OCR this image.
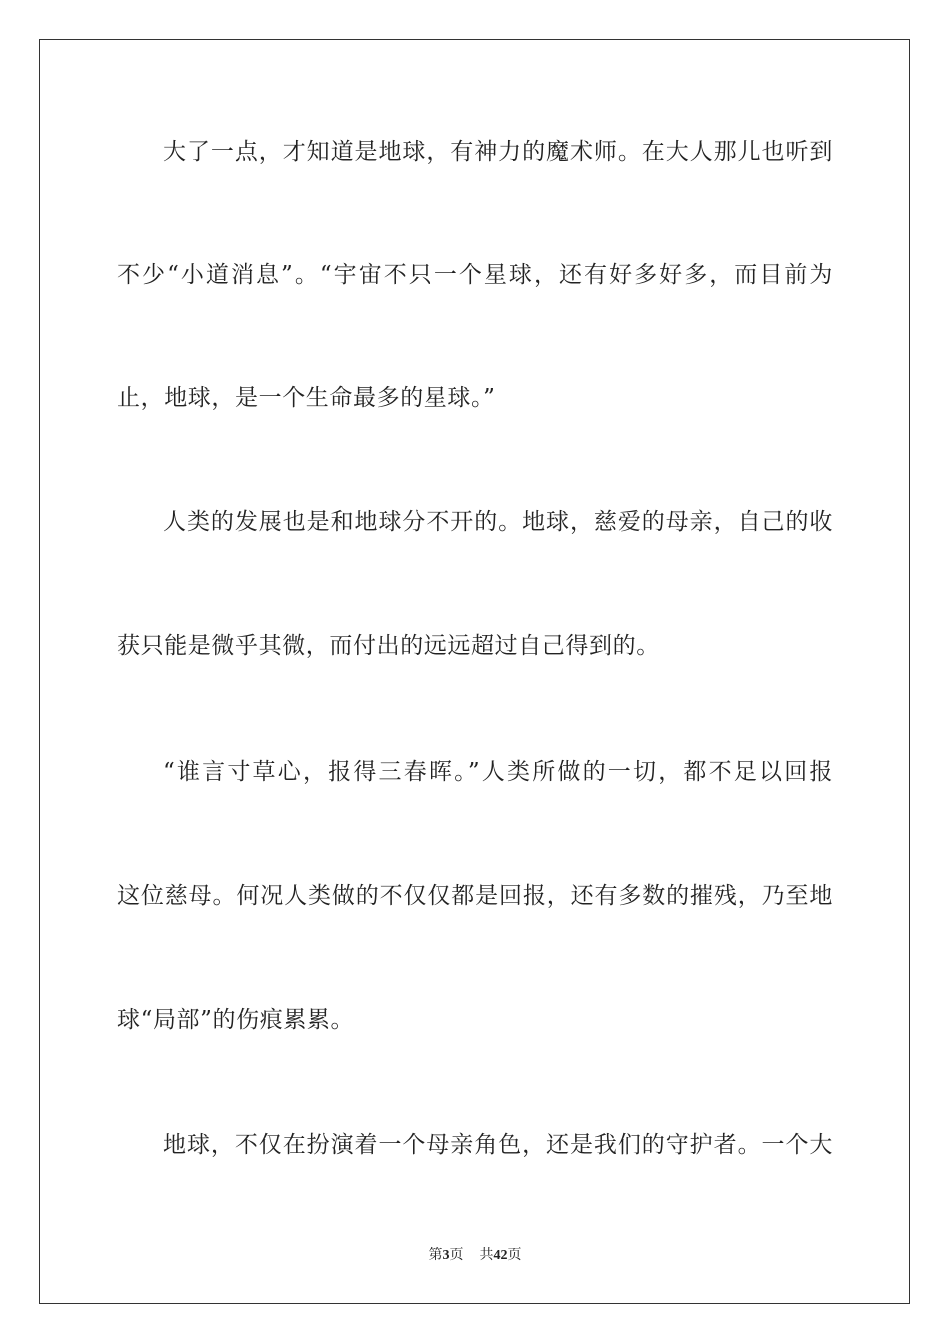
大了一点，才知道是地球，有神力的魔术师。在大人那儿也听到
不少“小道消息”。“宇宙不只一个星球，还有好多好多，而目前为
止，地球，是一个生命最多的星球。”
人类的发展也是和地球分不开的。地球，慈爱的母亲，自己的收
获只能是微乎其微，而付出的远远超过自己得到的。
“谁言寸草心，报得三春晖。”人类所做的一切，都不足以回报
这位慈母。何况人类做的不仅仅都是回报，还有多数的摧残，乃至地
球“局部”的伤痕累累。
地球，不仅在扮演着一个母亲角色，还是我们的守护者。一个大
第3页 共42页
